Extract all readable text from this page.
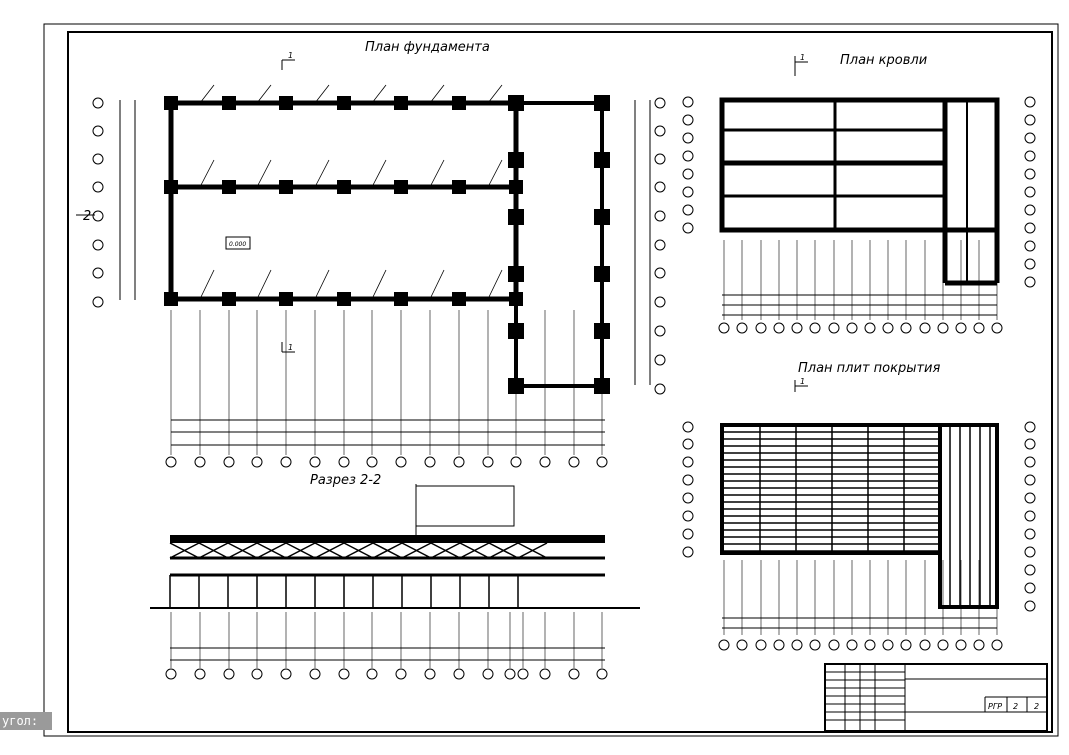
План фундамента
1
1
2
0.000
План кровли
1
План плит покрытия
1
Разрез 2-2
РГР 2 2
угол:
